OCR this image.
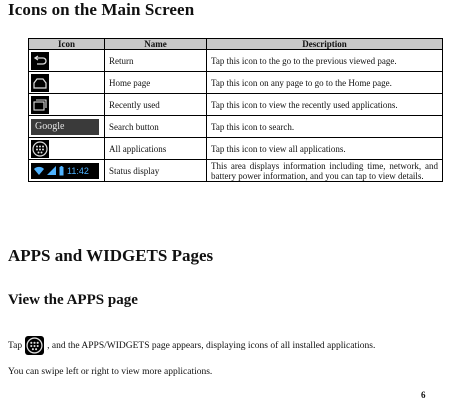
Icons on the Main Screen
Icon	Name	Description

	Return	Tap this icon to the go to the previous viewed page.

	Home page	Tap this icon on any page to go to the Home page.

	Recently used	Tap this icon to view the recently used applications.

Google	Search button	Tap this icon to search.

	All applications	Tap this icon to view all applications.

11:42	Status display	This area displays information including time, network, and battery power information, and you can tap to view details.
APPS and WIDGETS Pages
View the APPS page
Tap	, and the APPS/WIDGETS page appears, displaying icons of all installed applications.
You can swipe left or right to view more applications.
6
